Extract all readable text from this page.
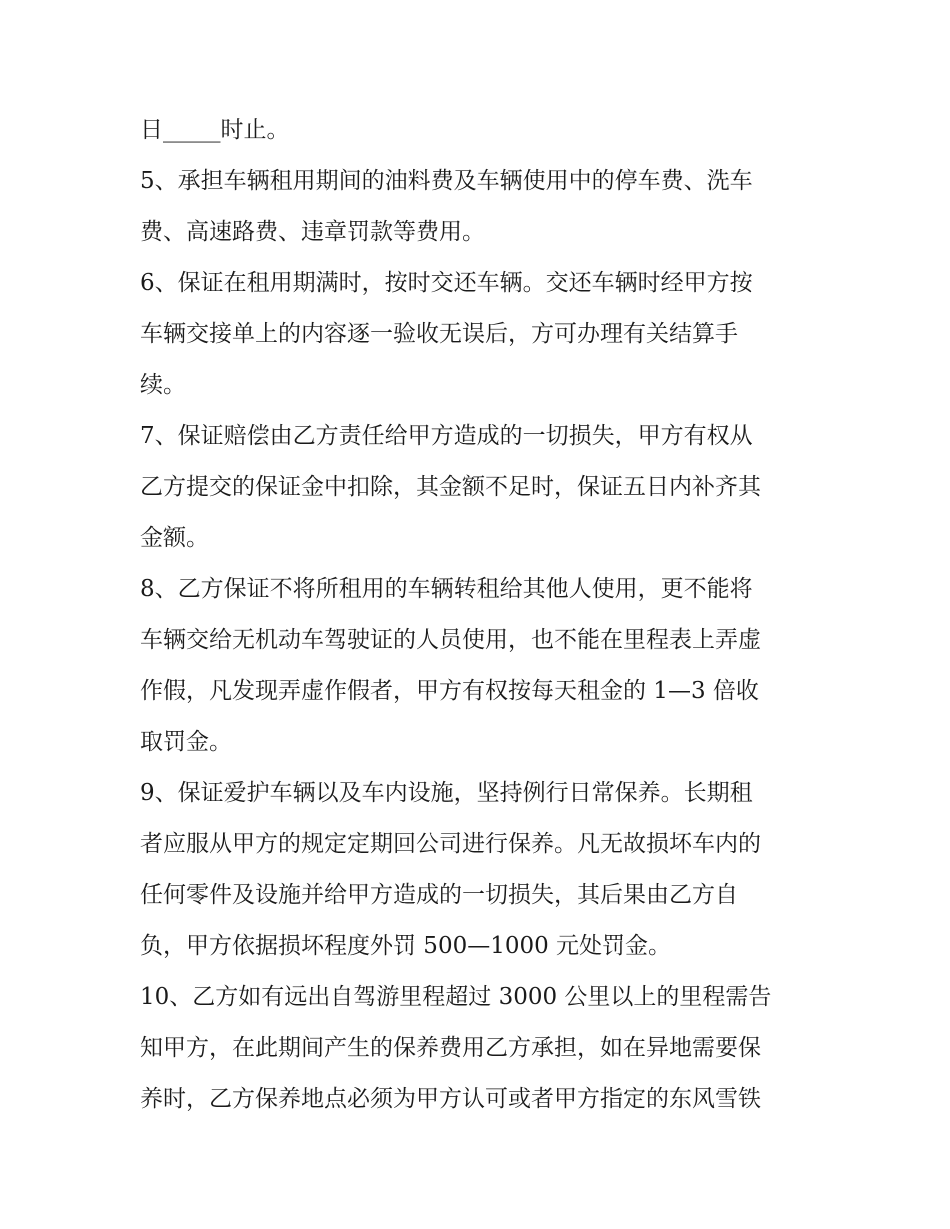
日_____时止。
5、承担车辆租用期间的油料费及车辆使用中的停车费、洗车
费、高速路费、违章罚款等费用。
6、保证在租用期满时，按时交还车辆。交还车辆时经甲方按
车辆交接单上的内容逐一验收无误后，方可办理有关结算手
续。
7、保证赔偿由乙方责任给甲方造成的一切损失，甲方有权从
乙方提交的保证金中扣除，其金额不足时，保证五日内补齐其
金额。
8、乙方保证不将所租用的车辆转租给其他人使用，更不能将
车辆交给无机动车驾驶证的人员使用，也不能在里程表上弄虚
作假，凡发现弄虚作假者，甲方有权按每天租金的 1—3 倍收
取罚金。
9、保证爱护车辆以及车内设施，坚持例行日常保养。长期租
者应服从甲方的规定定期回公司进行保养。凡无故损坏车内的
任何零件及设施并给甲方造成的一切损失，其后果由乙方自
负，甲方依据损坏程度外罚 500—1000 元处罚金。
10、乙方如有远出自驾游里程超过 3000 公里以上的里程需告
知甲方，在此期间产生的保养费用乙方承担，如在异地需要保
养时，乙方保养地点必须为甲方认可或者甲方指定的东风雪铁
